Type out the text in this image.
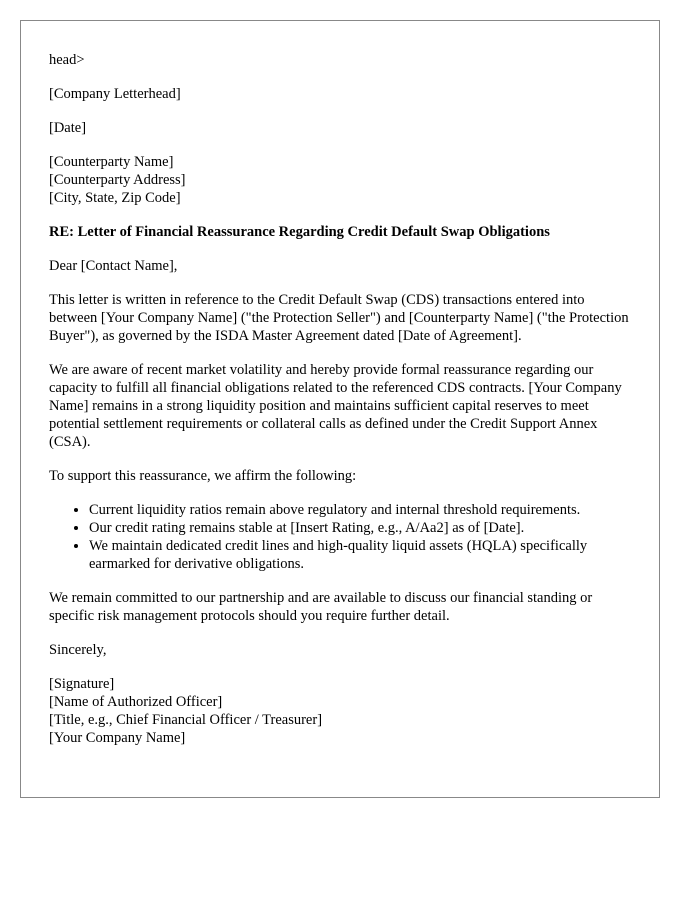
head>

[Company Letterhead]

[Date]

[Counterparty Name]
[Counterparty Address]
[City, State, Zip Code]

RE: Letter of Financial Reassurance Regarding Credit Default Swap Obligations

Dear [Contact Name],

This letter is written in reference to the Credit Default Swap (CDS) transactions entered into between [Your Company Name] ("the Protection Seller") and [Counterparty Name] ("the Protection Buyer"), as governed by the ISDA Master Agreement dated [Date of Agreement].

We are aware of recent market volatility and hereby provide formal reassurance regarding our capacity to fulfill all financial obligations related to the referenced CDS contracts. [Your Company Name] remains in a strong liquidity position and maintains sufficient capital reserves to meet potential settlement requirements or collateral calls as defined under the Credit Support Annex (CSA).

To support this reassurance, we affirm the following:

• Current liquidity ratios remain above regulatory and internal threshold requirements.
• Our credit rating remains stable at [Insert Rating, e.g., A/Aa2] as of [Date].
• We maintain dedicated credit lines and high-quality liquid assets (HQLA) specifically earmarked for derivative obligations.

We remain committed to our partnership and are available to discuss our financial standing or specific risk management protocols should you require further detail.

Sincerely,

[Signature]
[Name of Authorized Officer]
[Title, e.g., Chief Financial Officer / Treasurer]
[Your Company Name]
